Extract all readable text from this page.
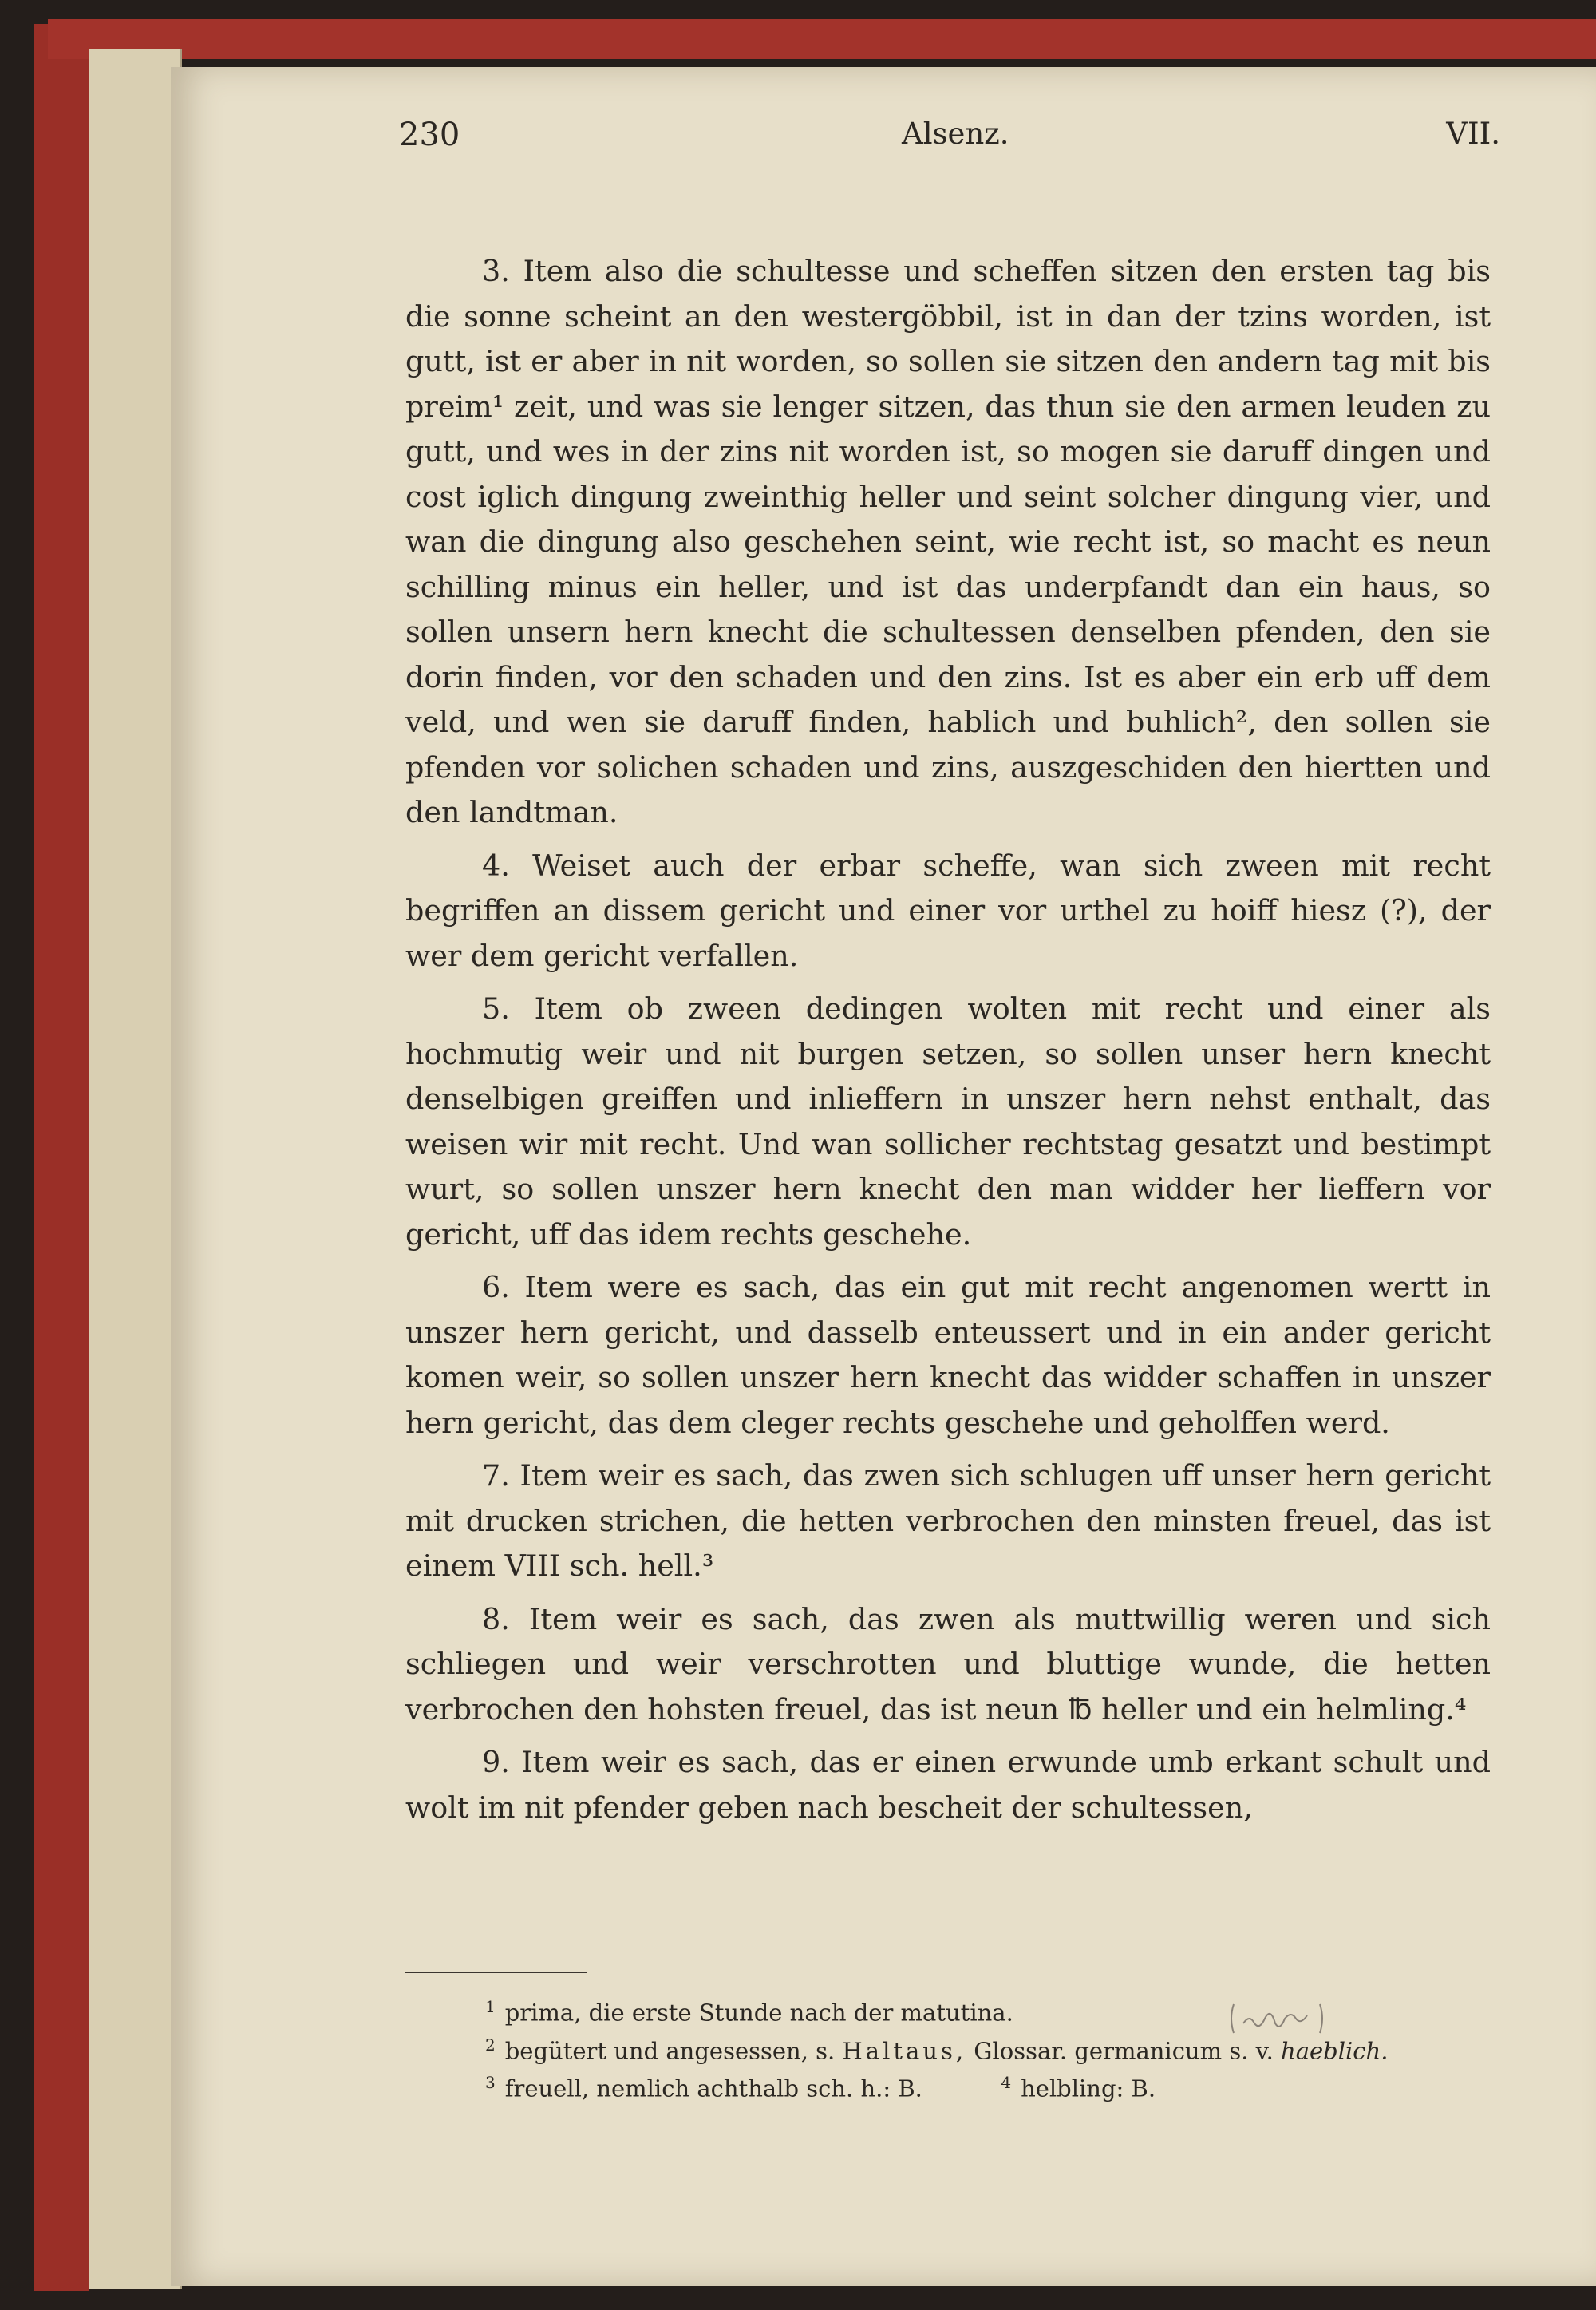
230	Alsenz.	VII.

3. Item also die schultesse und scheffen sitzen den ersten tag bis die sonne scheint an den westergöbbil, ist in dan der tzins worden, ist gutt, ist er aber in nit worden, so sollen sie sitzen den andern tag mit bis preim¹ zeit, und was sie lenger sitzen, das thun sie den armen leuden zu gutt, und wes in der zins nit worden ist, so mogen sie daruff dingen und cost iglich dingung zweinthig heller und seint solcher dingung vier, und wan die dingung also geschehen seint, wie recht ist, so macht es neun schilling minus ein heller, und ist das underpfandt dan ein haus, so sollen unsern hern knecht die schultessen denselben pfenden, den sie dorin finden, vor den schaden und den zins. Ist es aber ein erb uff dem veld, und wen sie daruff finden, hablich und buhlich², den sollen sie pfenden vor solichen schaden und zins, auszgeschiden den hiertten und den landtman.

4. Weiset auch der erbar scheffe, wan sich zween mit recht begriffen an dissem gericht und einer vor urthel zu hoiff hiesz (?), der wer dem gericht verfallen.

5. Item ob zween dedingen wolten mit recht und einer als hochmutig weir und nit burgen setzen, so sollen unser hern knecht denselbigen greiffen und inlieffern in unszer hern nehst enthalt, das weisen wir mit recht. Und wan sollicher rechtstag gesatzt und bestimpt wurt, so sollen unszer hern knecht den man widder her lieffern vor gericht, uff das idem rechts geschehe.

6. Item were es sach, das ein gut mit recht angenomen wertt in unszer hern gericht, und dasselb enteussert und in ein ander gericht komen weir, so sollen unszer hern knecht das widder schaffen in unszer hern gericht, das dem cleger rechts geschehe und geholffen werd.

7. Item weir es sach, das zwen sich schlugen uff unser hern gericht mit drucken strichen, die hetten verbrochen den minsten freuel, das ist einem VIII sch. hell.³

8. Item weir es sach, das zwen als muttwillig weren und sich schliegen und weir verschrotten und bluttige wunde, die hetten verbrochen den hohsten freuel, das ist neun ℔ heller und ein helmling.⁴

9. Item weir es sach, das er einen erwunde umb erkant schult und wolt im nit pfender geben nach bescheit der schultessen,

$^1$ prima, die erste Stunde nach der matutina.
$^2$ begütert und angesessen, s. Haltaus, Glossar. germanicum s. v. haeblich.
$^3$ freuell, nemlich achthalb sch. h.: B.	$^4$ helbling: B.
